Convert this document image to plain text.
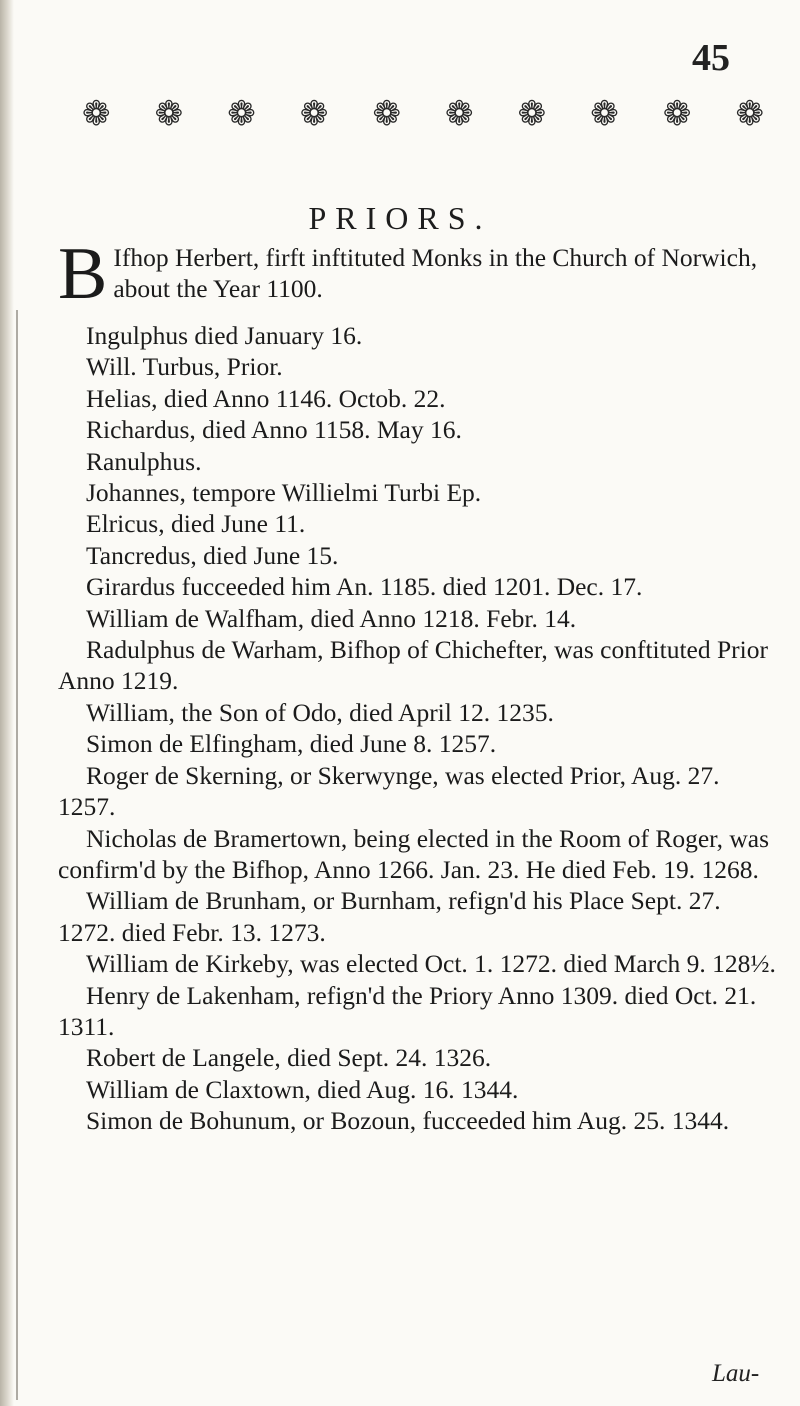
45
❁ ❁ ❁ ❁ ❁ ❁ ❁ ❁ ❁ ❁
PRIORS.
B Ifhop Herbert, firft inftituted Monks in the Church of Norwich, about the Year 1100.

Ingulphus died January 16.

Will. Turbus, Prior.

Helias, died Anno 1146. Octob. 22.

Richardus, died Anno 1158. May 16.

Ranulphus.

Johannes, tempore Willielmi Turbi Ep.

Elricus, died June 11.

Tancredus, died June 15.

Girardus fucceeded him An. 1185. died 1201. Dec. 17.

William de Walfham, died Anno 1218. Febr. 14.

Radulphus de Warham, Bifhop of Chichefter, was conftituted Prior Anno 1219.

William, the Son of Odo, died April 12. 1235.

Simon de Elfingham, died June 8. 1257.

Roger de Skerning, or Skerwynge, was elected Prior, Aug. 27. 1257.

Nicholas de Bramertown, being elected in the Room of Roger, was confirm'd by the Bifhop, Anno 1266. Jan. 23. He died Feb. 19. 1268.

William de Brunham, or Burnham, refign'd his Place Sept. 27. 1272. died Febr. 13. 1273.

William de Kirkeby, was elected Oct. 1. 1272. died March 9. 128½.

Henry de Lakenham, refign'd the Priory Anno 1309. died Oct. 21. 1311.

Robert de Langele, died Sept. 24. 1326.

William de Claxtown, died Aug. 16. 1344.

Simon de Bohunum, or Bozoun, fucceeded him Aug. 25. 1344.

Lau-
